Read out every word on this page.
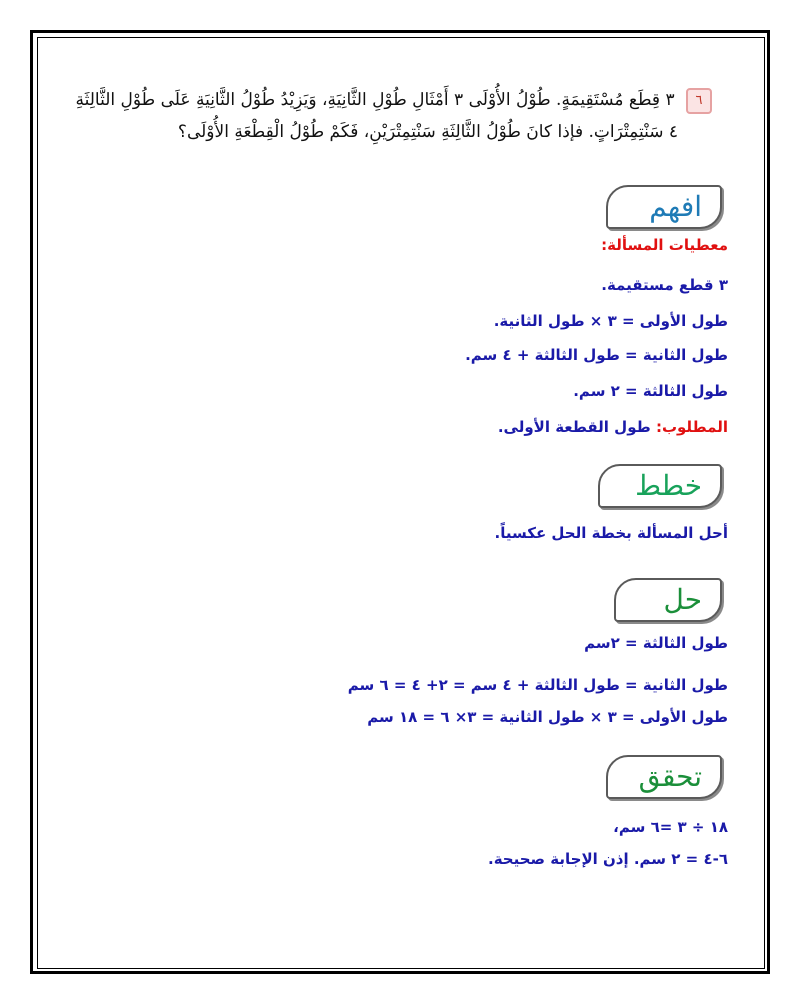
٦ ٣ قِطَع مُسْتَقِيمَةٍ. طُوْلُ الأُوْلَى ٣ أَمْثَالِ طُوْلِ الثَّانِيَةِ، وَيَزِيْدُ طُوْلُ الثَّانِيَةِ عَلَى طُوْلِ الثَّالِثَةِ
٤ سَنْتِمِتْرَاتٍ. فإذا كانَ طُوْلُ الثَّالِثَةِ سَنْتِمِتْرَيْنِ، فَكَمْ طُوْلُ الْقِطْعَةِ الأُوْلَى؟
افهم
معطيات المسألة:
٣ قطع مستقيمة.
طول الأولى = ٣ × طول الثانية.
طول الثانية = طول الثالثة + ٤ سم.
طول الثالثة = ٢ سم.
المطلوب: طول القطعة الأولى.
خطط
أحل المسألة بخطة الحل عكسياً.
حل
طول الثالثة = ٢سم
طول الثانية = طول الثالثة + ٤ سم = ٢+ ٤ = ٦ سم
طول الأولى = ٣ × طول الثانية = ٣× ٦ = ١٨ سم
تحقق
١٨ ÷ ٣ =٦ سم،
٦-٤ = ٢ سم. إذن الإجابة صحيحة.
